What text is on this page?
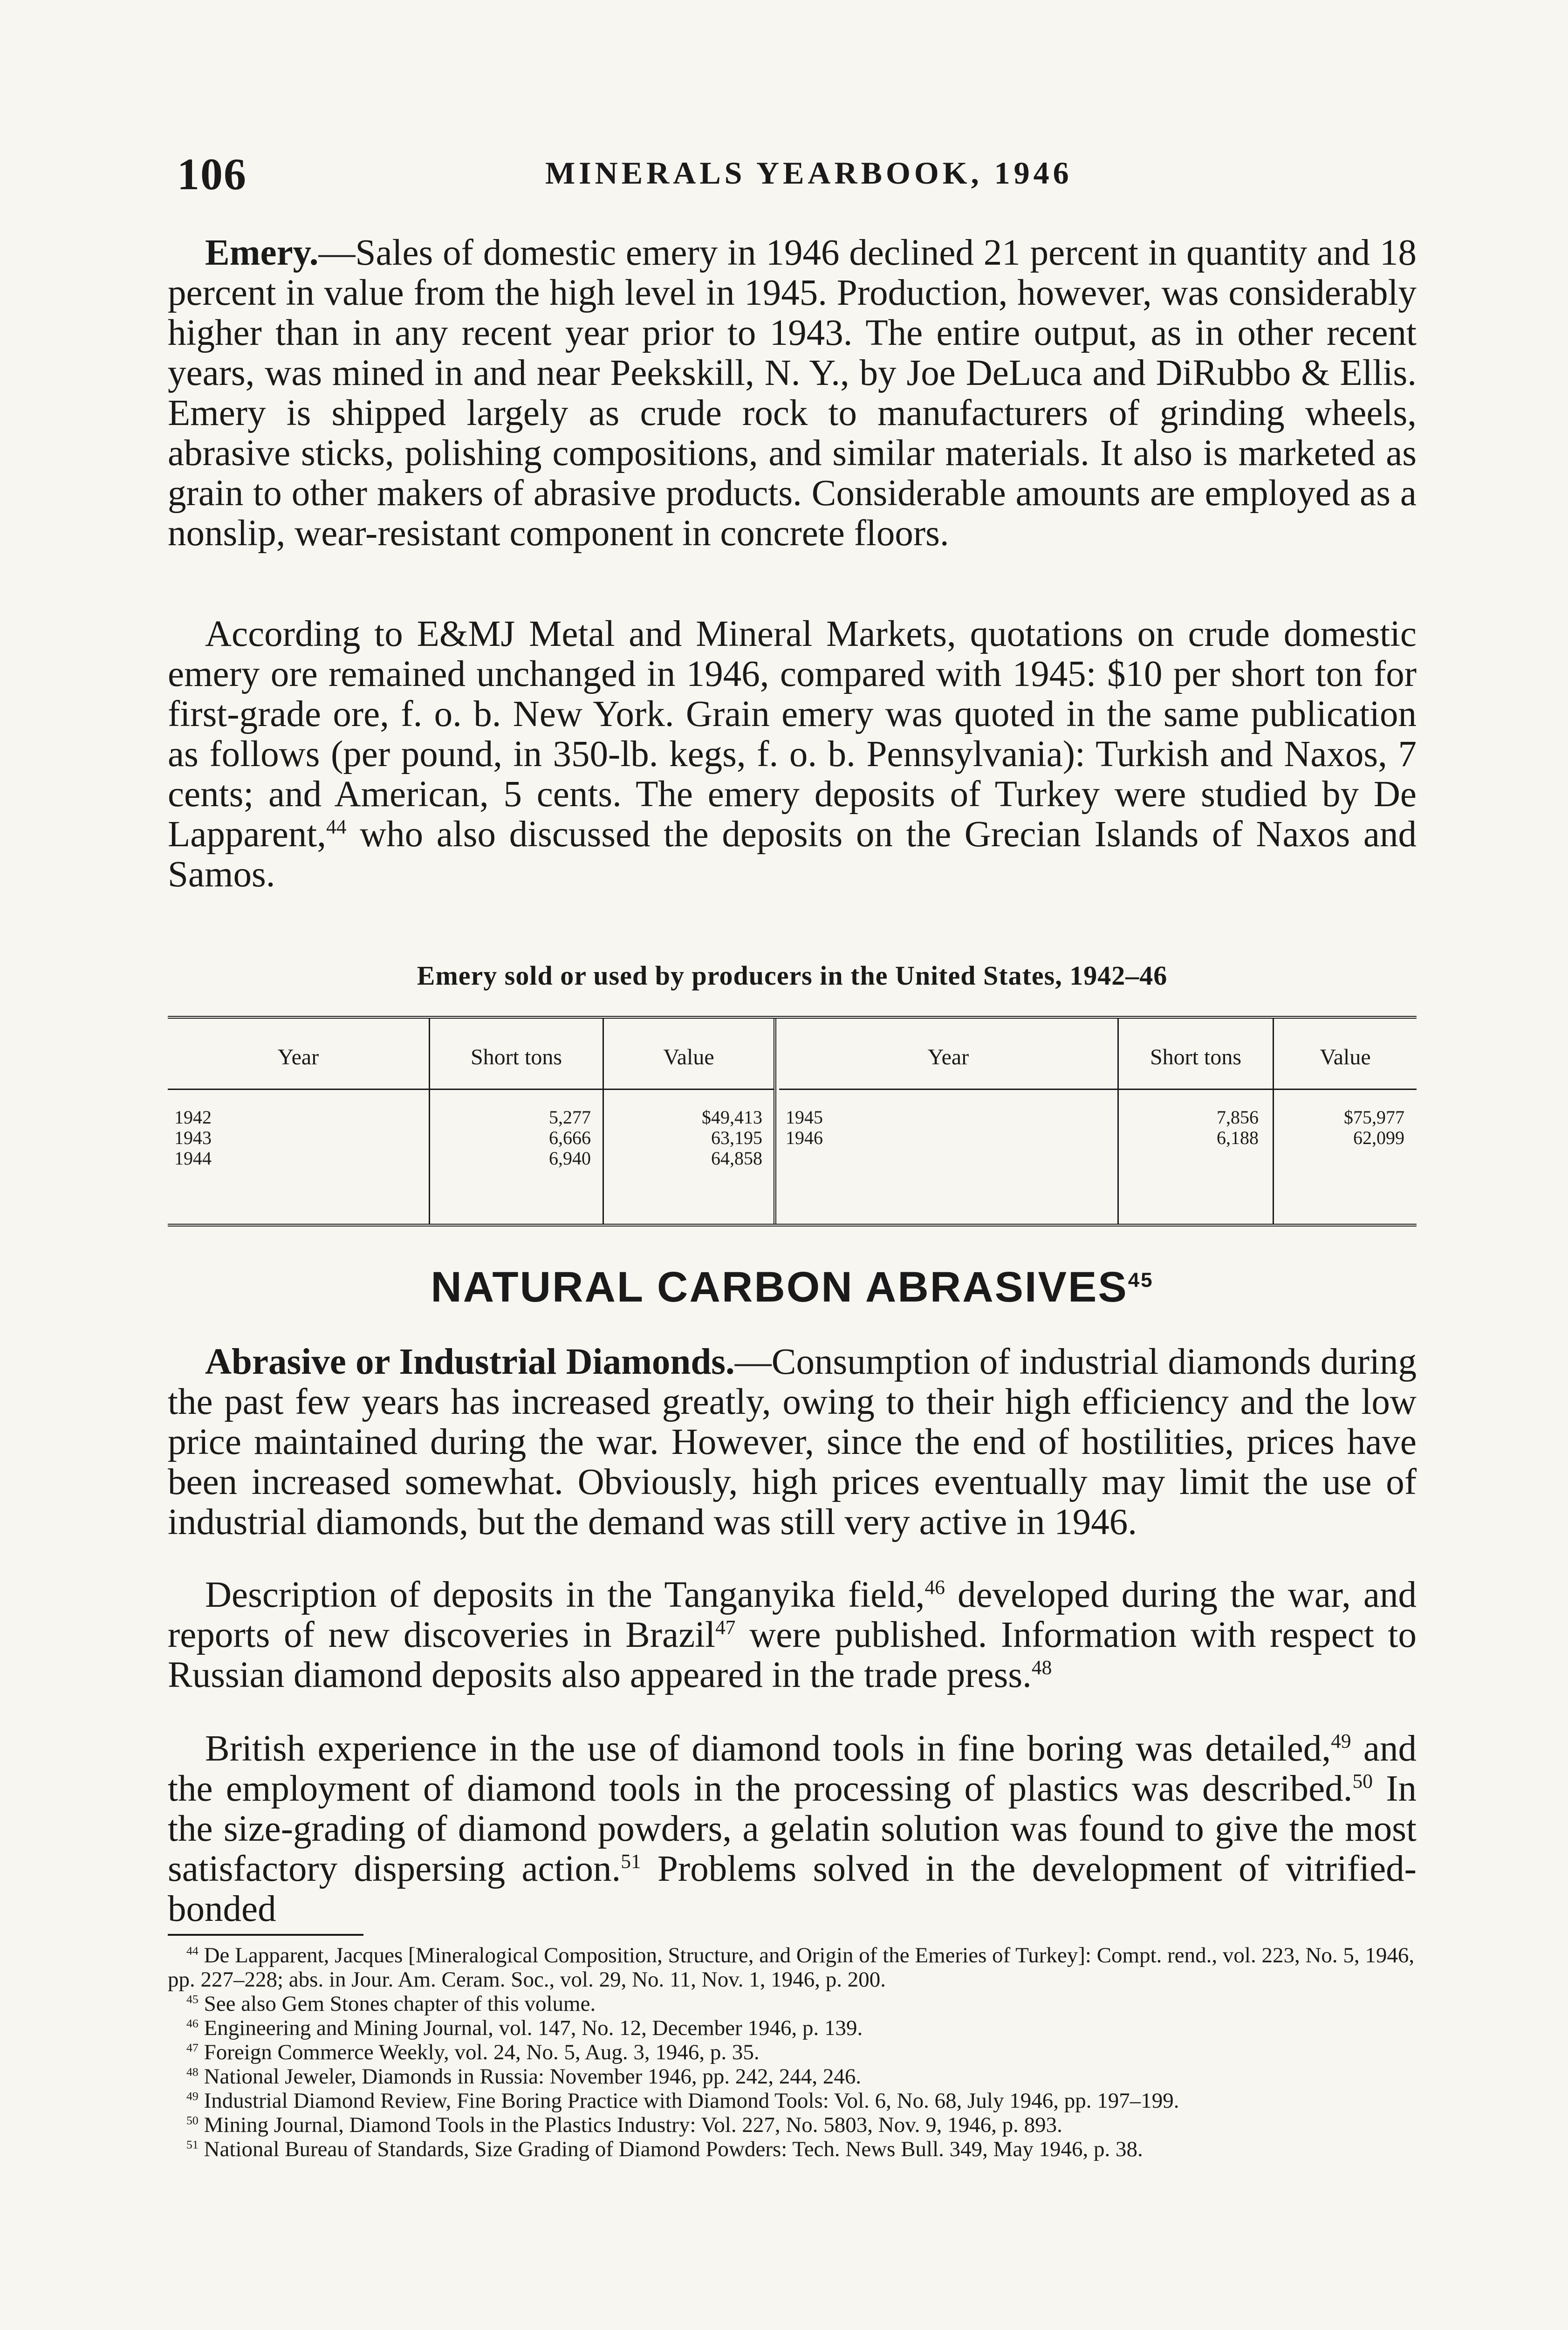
106	MINERALS YEARBOOK, 1946

Emery.—Sales of domestic emery in 1946 declined 21 percent in quantity and 18 percent in value from the high level in 1945. Production, however, was considerably higher than in any recent year prior to 1943. The entire output, as in other recent years, was mined in and near Peekskill, N. Y., by Joe DeLuca and DiRubbo & Ellis. Emery is shipped largely as crude rock to manufacturers of grinding wheels, abrasive sticks, polishing compositions, and similar materials. It also is marketed as grain to other makers of abrasive products. Considerable amounts are employed as a nonslip, wear-resistant component in concrete floors.

According to E&MJ Metal and Mineral Markets, quotations on crude domestic emery ore remained unchanged in 1946, compared with 1945: $10 per short ton for first-grade ore, f. o. b. New York. Grain emery was quoted in the same publication as follows (per pound, in 350-lb. kegs, f. o. b. Pennsylvania): Turkish and Naxos, 7 cents; and American, 5 cents. The emery deposits of Turkey were studied by De Lapparent,$^{44}$ who also discussed the deposits on the Grecian Islands of Naxos and Samos.

Emery sold or used by producers in the United States, 1942–46
Year	Short tons	Value
1942	5,277	$49,413
1943	6,666	63,195
1944	6,940	64,858
Year	Short tons	Value
1945	7,856	$75,977
1946	6,188	62,099
NATURAL CARBON ABRASIVES$^{45}$

Abrasive or Industrial Diamonds.—Consumption of industrial diamonds during the past few years has increased greatly, owing to their high efficiency and the low price maintained during the war. However, since the end of hostilities, prices have been increased somewhat. Obviously, high prices eventually may limit the use of industrial diamonds, but the demand was still very active in 1946.

Description of deposits in the Tanganyika field,$^{46}$ developed during the war, and reports of new discoveries in Brazil$^{47}$ were published. Information with respect to Russian diamond deposits also appeared in the trade press.$^{48}$

British experience in the use of diamond tools in fine boring was detailed,$^{49}$ and the employment of diamond tools in the processing of plastics was described.$^{50}$ In the size-grading of diamond powders, a gelatin solution was found to give the most satisfactory dispersing action.$^{51}$ Problems solved in the development of vitrified-bonded

$^{44}$ De Lapparent, Jacques [Mineralogical Composition, Structure, and Origin of the Emeries of Turkey]: Compt. rend., vol. 223, No. 5, 1946, pp. 227–228; abs. in Jour. Am. Ceram. Soc., vol. 29, No. 11, Nov. 1, 1946, p. 200.

$^{45}$ See also Gem Stones chapter of this volume.

$^{46}$ Engineering and Mining Journal, vol. 147, No. 12, December 1946, p. 139.

$^{47}$ Foreign Commerce Weekly, vol. 24, No. 5, Aug. 3, 1946, p. 35.

$^{48}$ National Jeweler, Diamonds in Russia: November 1946, pp. 242, 244, 246.

$^{49}$ Industrial Diamond Review, Fine Boring Practice with Diamond Tools: Vol. 6, No. 68, July 1946, pp. 197–199.

$^{50}$ Mining Journal, Diamond Tools in the Plastics Industry: Vol. 227, No. 5803, Nov. 9, 1946, p. 893.

$^{51}$ National Bureau of Standards, Size Grading of Diamond Powders: Tech. News Bull. 349, May 1946, p. 38.
